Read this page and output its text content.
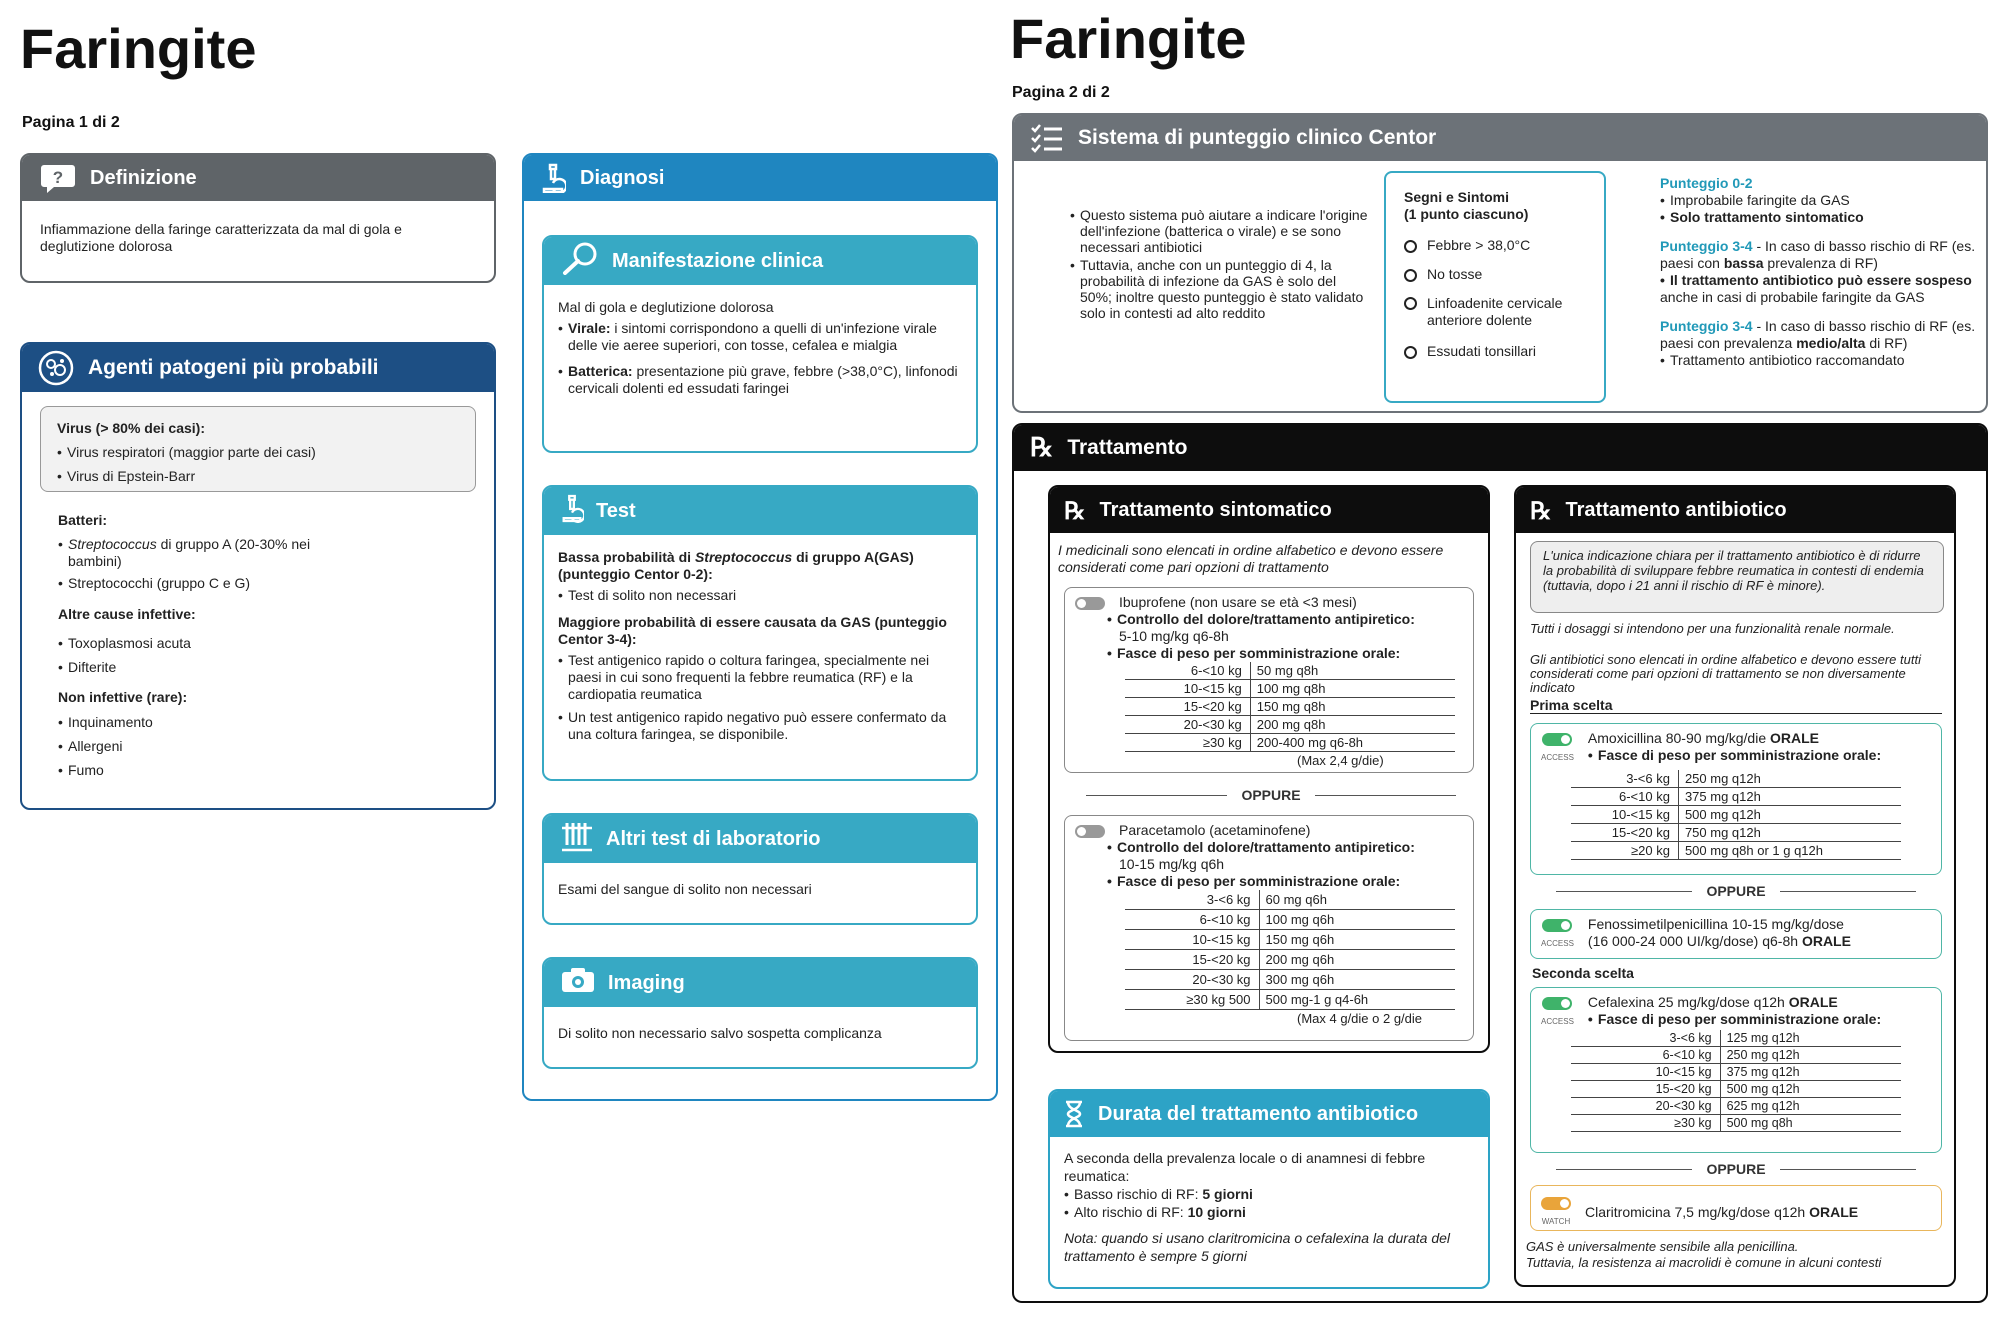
Faringite
Pagina 1 di 2
? Definizione
Infiammazione della faringe caratterizzata da mal di gola e deglutizione dolorosa
Agenti patogeni più probabili
Virus (> 80% dei casi):
• Virus respiratori (maggior parte dei casi)
• Virus di Epstein-Barr
Batteri:
• Streptococcus di gruppo A (20-30% nei bambini)
• Streptococchi (gruppo C e G)
Altre cause infettive:
• Toxoplasmosi acuta
• Difterite
Non infettive (rare):
• Inquinamento
• Allergeni
• Fumo
Diagnosi
Manifestazione clinica
Mal di gola e deglutizione dolorosa
• Virale: i sintomi corrispondono a quelli di un'infezione virale delle vie aeree superiori, con tosse, cefalea e mialgia
• Batterica: presentazione più grave, febbre (>38,0°C), linfonodi cervicali dolenti ed essudati faringei
Test
Bassa probabilità di Streptococcus di gruppo A(GAS) (punteggio Centor 0-2):
• Test di solito non necessari
Maggiore probabilità di essere causata da GAS (punteggio Centor 3-4):
• Test antigenico rapido o coltura faringea, specialmente nei paesi in cui sono frequenti la febbre reumatica (RF) e la cardiopatia reumatica
• Un test antigenico rapido negativo può essere confermato da una coltura faringea, se disponibile.
Altri test di laboratorio
Esami del sangue di solito non necessari
Imaging
Di solito non necessario salvo sospetta complicanza
Faringite
Pagina 2 di 2
Sistema di punteggio clinico Centor
• Questo sistema può aiutare a indicare l'origine dell'infezione (batterica o virale) e se sono necessari antibiotici
• Tuttavia, anche con un punteggio di 4, la probabilità di infezione da GAS è solo del 50%; inoltre questo punteggio è stato validato solo in contesti ad alto reddito
Segni e Sintomi
(1 punto ciascuno)
Febbre > 38,0°C
No tosse
Linfoadenite cervicale anteriore dolente
Essudati tonsillari
Punteggio 0-2
• Improbabile faringite da GAS
• Solo trattamento sintomatico
Punteggio 3-4 - In caso di basso rischio di RF (es. paesi con bassa prevalenza di RF)
• Il trattamento antibiotico può essere sospeso
anche in casi di probabile faringite da GAS
Punteggio 3-4 - In caso di basso rischio di RF (es. paesi con prevalenza medio/alta di RF)
• Trattamento antibiotico raccomandato
℞ Trattamento
℞ Trattamento sintomatico
I medicinali sono elencati in ordine alfabetico e devono essere considerati come pari opzioni di trattamento
Ibuprofene (non usare se età <3 mesi)
• Controllo del dolore/trattamento antipiretico:
5-10 mg/kg q6-8h
• Fasce di peso per somministrazione orale:
6-<10 kg	50 mg q8h
10-<15 kg	100 mg q8h
15-<20 kg	150 mg q8h
20-<30 kg	200 mg q8h
≥30 kg	200-400 mg q6-8h
(Max 2,4 g/die)
OPPURE
Paracetamolo (acetaminofene)
• Controllo del dolore/trattamento antipiretico:
10-15 mg/kg q6h
• Fasce di peso per somministrazione orale:
3-<6 kg	60 mg q6h
6-<10 kg	100 mg q6h
10-<15 kg	150 mg q6h
15-<20 kg	200 mg q6h
20-<30 kg	300 mg q6h
≥30 kg 500	500 mg-1 g q4-6h
(Max 4 g/die o 2 g/die
Durata del trattamento antibiotico
A seconda della prevalenza locale o di anamnesi di febbre reumatica:
• Basso rischio di RF: 5 giorni
• Alto rischio di RF: 10 giorni
Nota: quando si usano claritromicina o cefalexina la durata del trattamento è sempre 5 giorni
℞ Trattamento antibiotico
L'unica indicazione chiara per il trattamento antibiotico è di ridurre la probabilità di sviluppare febbre reumatica in contesti di endemia (tuttavia, dopo i 21 anni il rischio di RF è minore).
Tutti i dosaggi si intendono per una funzionalità renale normale.
Gli antibiotici sono elencati in ordine alfabetico e devono essere tutti considerati come pari opzioni di trattamento se non diversamente indicato
Prima scelta
ACCESS
Amoxicillina 80-90 mg/kg/die ORALE
• Fasce di peso per somministrazione orale:
3-<6 kg	250 mg q12h
6-<10 kg	375 mg q12h
10-<15 kg	500 mg q12h
15-<20 kg	750 mg q12h
≥20 kg	500 mg q8h or 1 g q12h
OPPURE
ACCESS
Fenossimetilpenicillina 10-15 mg/kg/dose
(16 000-24 000 UI/kg/dose) q6-8h ORALE
Seconda scelta
ACCESS
Cefalexina 25 mg/kg/dose q12h ORALE
• Fasce di peso per somministrazione orale:
3-<6 kg	125 mg q12h
6-<10 kg	250 mg q12h
10-<15 kg	375 mg q12h
15-<20 kg	500 mg q12h
20-<30 kg	625 mg q12h
≥30 kg	500 mg q8h
OPPURE
WATCH
Claritromicina 7,5 mg/kg/dose q12h ORALE
GAS è universalmente sensibile alla penicillina.
Tuttavia, la resistenza ai macrolidi è comune in alcuni contesti
